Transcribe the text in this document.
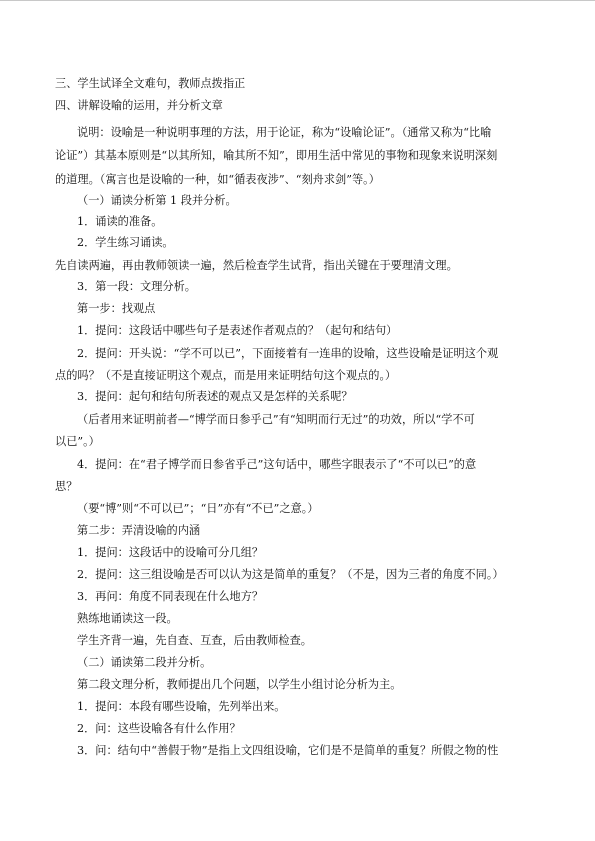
三、学生试译全文难句，教师点拨指正
四、讲解设喻的运用，并分析文章
说明：设喻是一种说明事理的方法，用于论证，称为“设喻论证”。（通常又称为“比喻
论证”）其基本原则是“以其所知，喻其所不知”，即用生活中常见的事物和现象来说明深刻
的道理。（寓言也是设喻的一种，如“循表夜涉”、“刻舟求剑”等。）
（一）诵读分析第 1 段并分析。
1．诵读的准备。
2．学生练习诵读。
先自读两遍，再由教师领读一遍，然后检查学生试背，指出关键在于要理清文理。
3．第一段：文理分析。
第一步：找观点
1．提问：这段话中哪些句子是表述作者观点的？（起句和结句）
2．提问：开头说：“学不可以已”，下面接着有一连串的设喻，这些设喻是证明这个观
点的吗？（不是直接证明这个观点，而是用来证明结句这个观点的。）
3．提问：起句和结句所表述的观点又是怎样的关系呢？
（后者用来证明前者—“博学而日参乎己”有“知明而行无过”的功效，所以“学不可
以已”。）
4．提问：在“君子博学而日参省乎己”这句话中，哪些字眼表示了“不可以已”的意
思？
（要“博”则“不可以已”；“日”亦有“不已”之意。）
第二步：弄清设喻的内涵
1．提问：这段话中的设喻可分几组？
2．提问：这三组设喻是否可以认为这是简单的重复？（不是，因为三者的角度不同。）
3．再问：角度不同表现在什么地方？
熟练地诵读这一段。
学生齐背一遍，先自查、互查，后由教师检查。
（二）诵读第二段并分析。
第二段文理分析，教师提出几个问题，以学生小组讨论分析为主。
1．提问：本段有哪些设喻，先列举出来。
2．问：这些设喻各有什么作用？
3．问：结句中“善假于物”是指上文四组设喻，它们是不是简单的重复？所假之物的性
